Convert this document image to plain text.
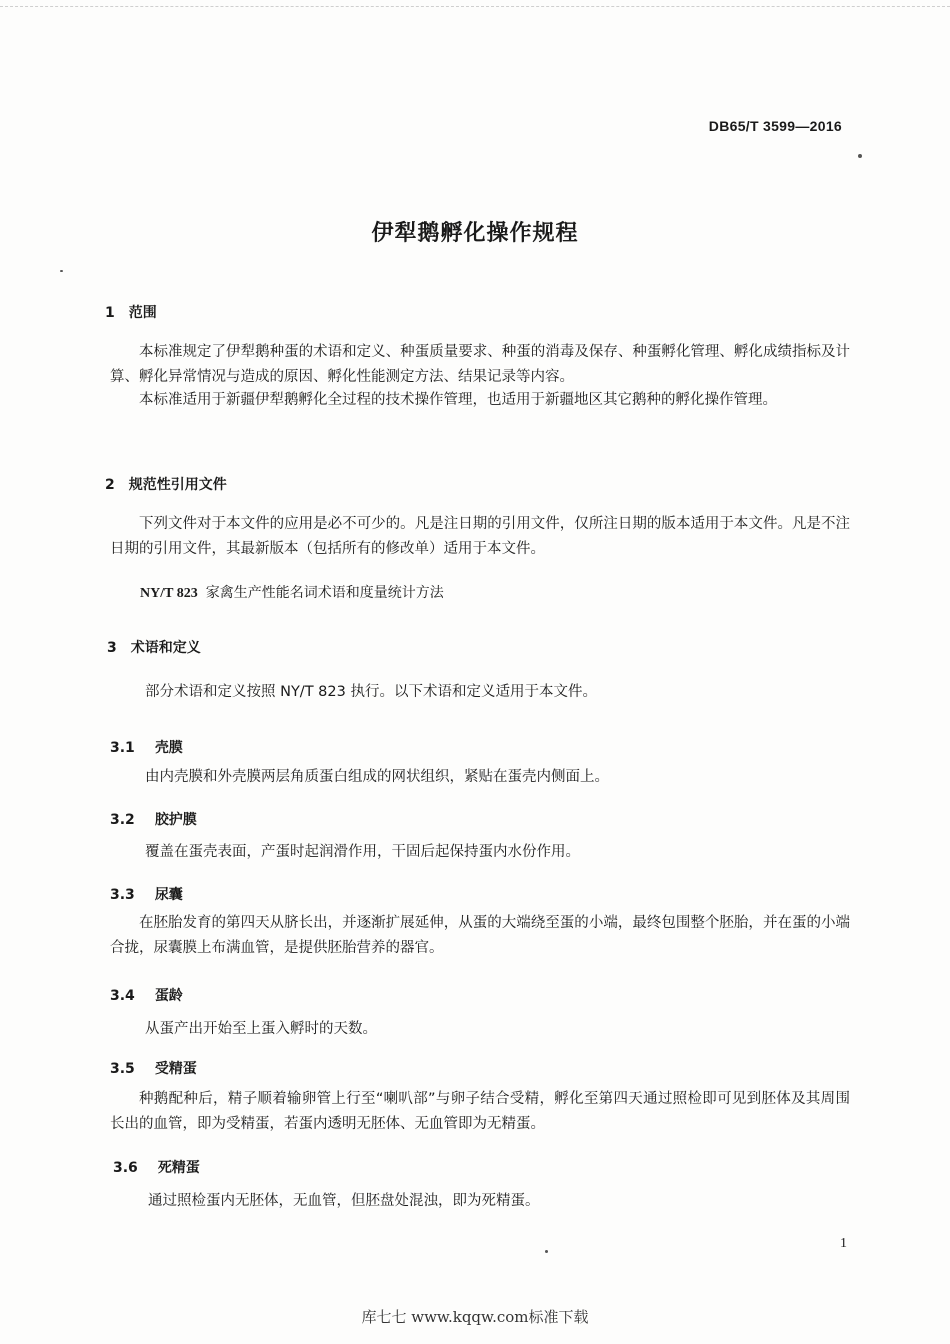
DB65/T 3599—2016
伊犁鹅孵化操作规程
1 范围
本标准规定了伊犁鹅种蛋的术语和定义、种蛋质量要求、种蛋的消毒及保存、种蛋孵化管理、孵化成绩指标及计算、孵化异常情况与造成的原因、孵化性能测定方法、结果记录等内容。
本标准适用于新疆伊犁鹅孵化全过程的技术操作管理，也适用于新疆地区其它鹅种的孵化操作管理。
2 规范性引用文件
下列文件对于本文件的应用是必不可少的。凡是注日期的引用文件，仅所注日期的版本适用于本文件。凡是不注日期的引用文件，其最新版本（包括所有的修改单）适用于本文件。
NY/T 823 家禽生产性能名词术语和度量统计方法
3 术语和定义
部分术语和定义按照 NY/T 823 执行。以下术语和定义适用于本文件。
3.1 壳膜
由内壳膜和外壳膜两层角质蛋白组成的网状组织，紧贴在蛋壳内侧面上。
3.2 胶护膜
覆盖在蛋壳表面，产蛋时起润滑作用，干固后起保持蛋内水份作用。
3.3 尿囊
在胚胎发育的第四天从脐长出，并逐渐扩展延伸，从蛋的大端绕至蛋的小端，最终包围整个胚胎，并在蛋的小端合拢，尿囊膜上布满血管，是提供胚胎营养的器官。
3.4 蛋龄
从蛋产出开始至上蛋入孵时的天数。
3.5 受精蛋
种鹅配种后，精子顺着输卵管上行至“喇叭部”与卵子结合受精，孵化至第四天通过照检即可见到胚体及其周围长出的血管，即为受精蛋，若蛋内透明无胚体、无血管即为无精蛋。
3.6 死精蛋
通过照检蛋内无胚体，无血管，但胚盘处混浊，即为死精蛋。
1
库七七 www.kqqw.com标准下载
